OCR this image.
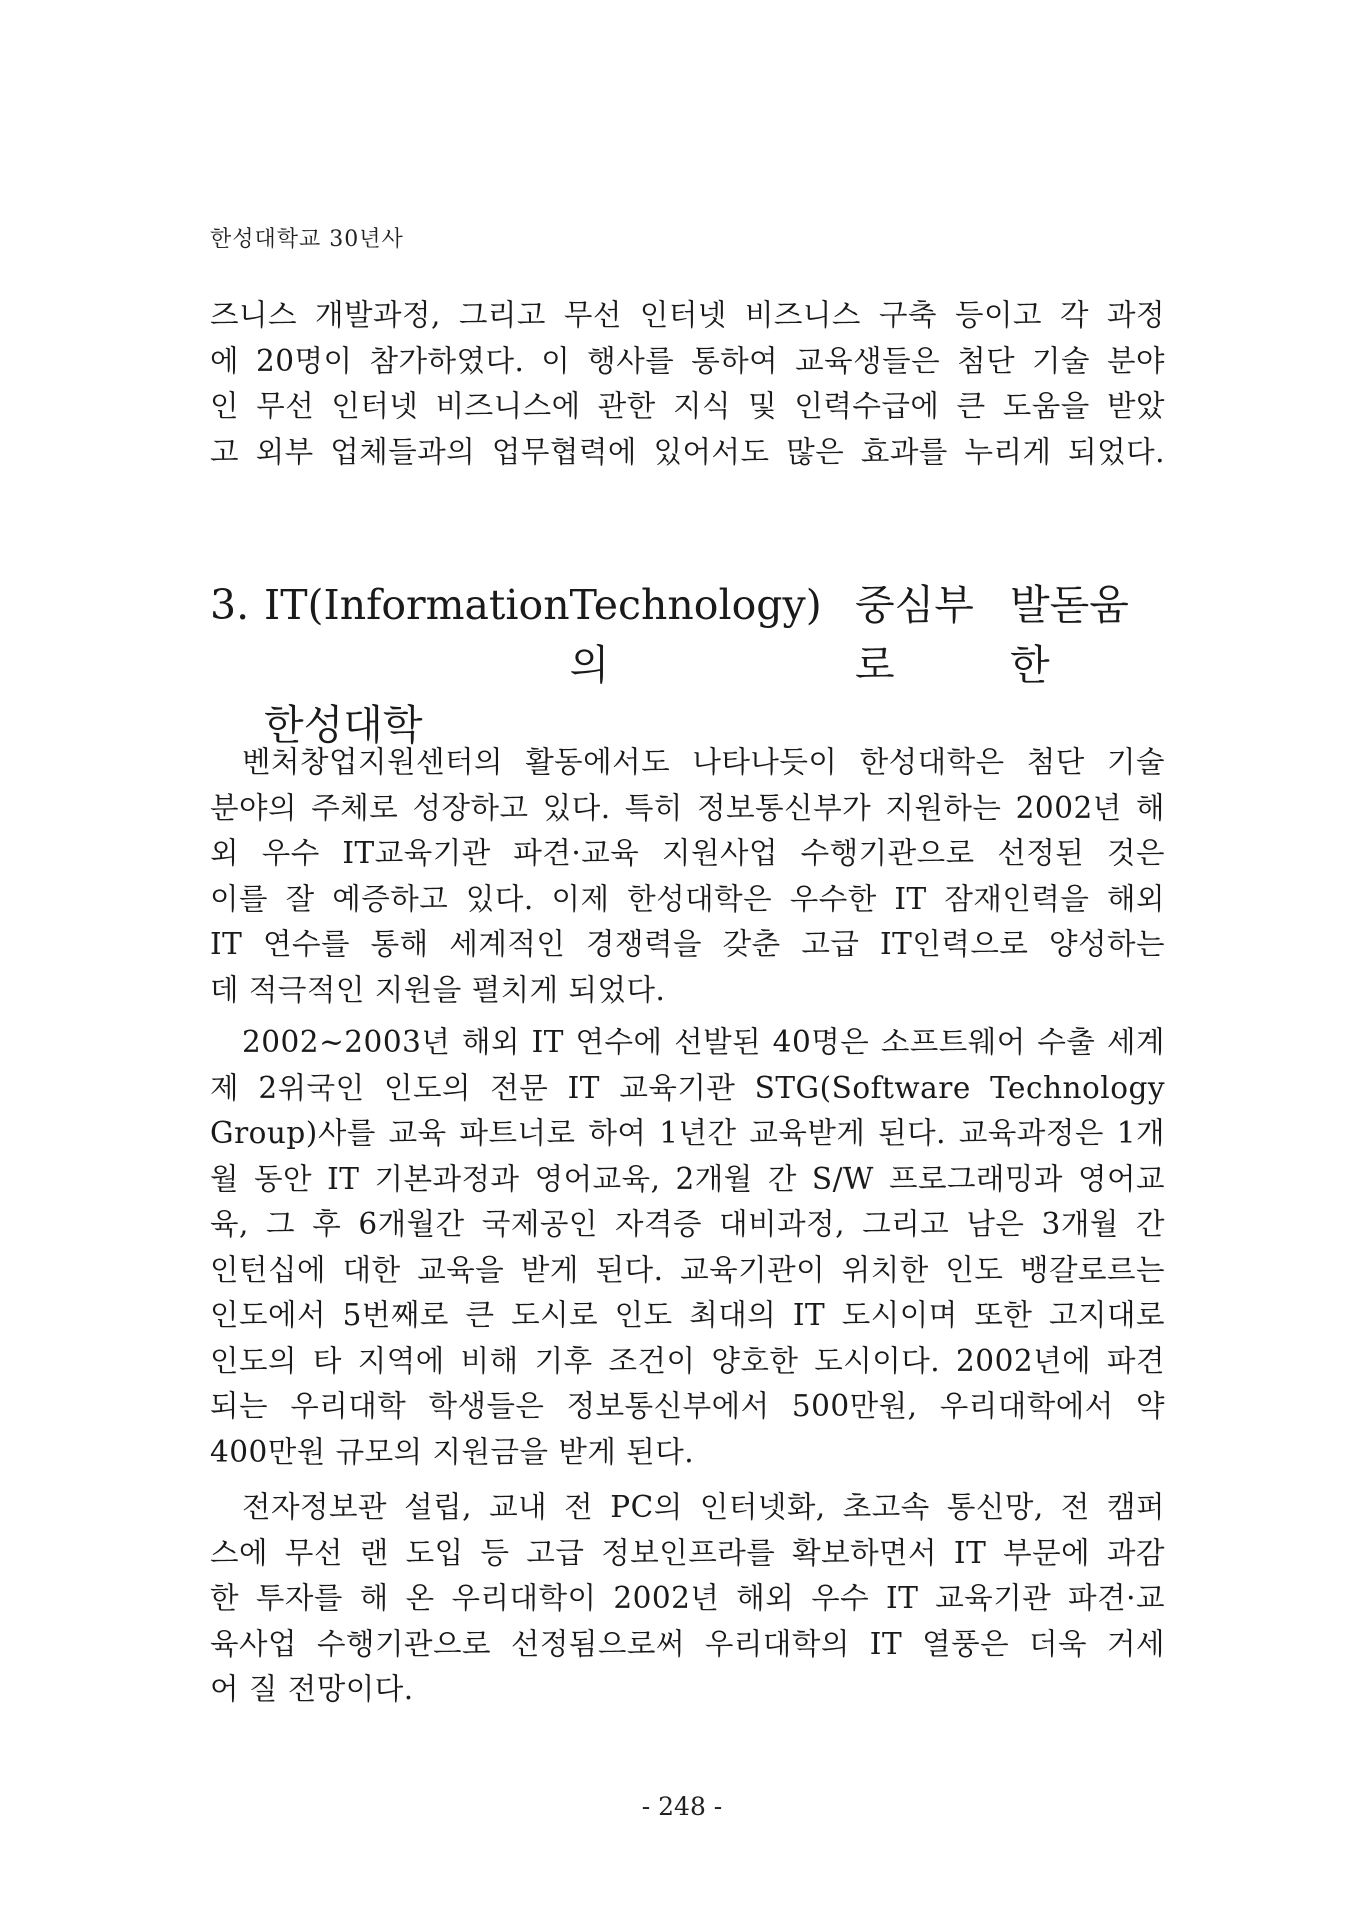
한성대학교 30년사
즈니스 개발과정, 그리고 무선 인터넷 비즈니스 구축 등이고 각 과정
에 20명이 참가하였다. 이 행사를 통하여 교육생들은 첨단 기술 분야
인 무선 인터넷 비즈니스에 관한 지식 및 인력수급에 큰 도움을 받았
고 외부 업체들과의 업무협력에 있어서도 많은 효과를 누리게 되었다.
3. IT(Information Technology)의
중심부로
발돋움한
한성대학
벤처창업지원센터의 활동에서도 나타나듯이 한성대학은 첨단 기술
분야의 주체로 성장하고 있다. 특히 정보통신부가 지원하는 2002년 해
외 우수 IT교육기관 파견·교육 지원사업 수행기관으로 선정된 것은
이를 잘 예증하고 있다. 이제 한성대학은 우수한 IT 잠재인력을 해외
IT 연수를 통해 세계적인 경쟁력을 갖춘 고급 IT인력으로 양성하는
데 적극적인 지원을 펼치게 되었다.
2002~2003년 해외 IT 연수에 선발된 40명은 소프트웨어 수출 세계
제 2위국인 인도의 전문 IT 교육기관 STG(Software Technology
Group)사를 교육 파트너로 하여 1년간 교육받게 된다. 교육과정은 1개
월 동안 IT 기본과정과 영어교육, 2개월 간 S/W 프로그래밍과 영어교
육, 그 후 6개월간 국제공인 자격증 대비과정, 그리고 남은 3개월 간
인턴십에 대한 교육을 받게 된다. 교육기관이 위치한 인도 뱅갈로르는
인도에서 5번째로 큰 도시로 인도 최대의 IT 도시이며 또한 고지대로
인도의 타 지역에 비해 기후 조건이 양호한 도시이다. 2002년에 파견
되는 우리대학 학생들은 정보통신부에서 500만원, 우리대학에서 약
400만원 규모의 지원금을 받게 된다.
전자정보관 설립, 교내 전 PC의 인터넷화, 초고속 통신망, 전 캠퍼
스에 무선 랜 도입 등 고급 정보인프라를 확보하면서 IT 부문에 과감
한 투자를 해 온 우리대학이 2002년 해외 우수 IT 교육기관 파견·교
육사업 수행기관으로 선정됨으로써 우리대학의 IT 열풍은 더욱 거세
어 질 전망이다.
- 248 -
